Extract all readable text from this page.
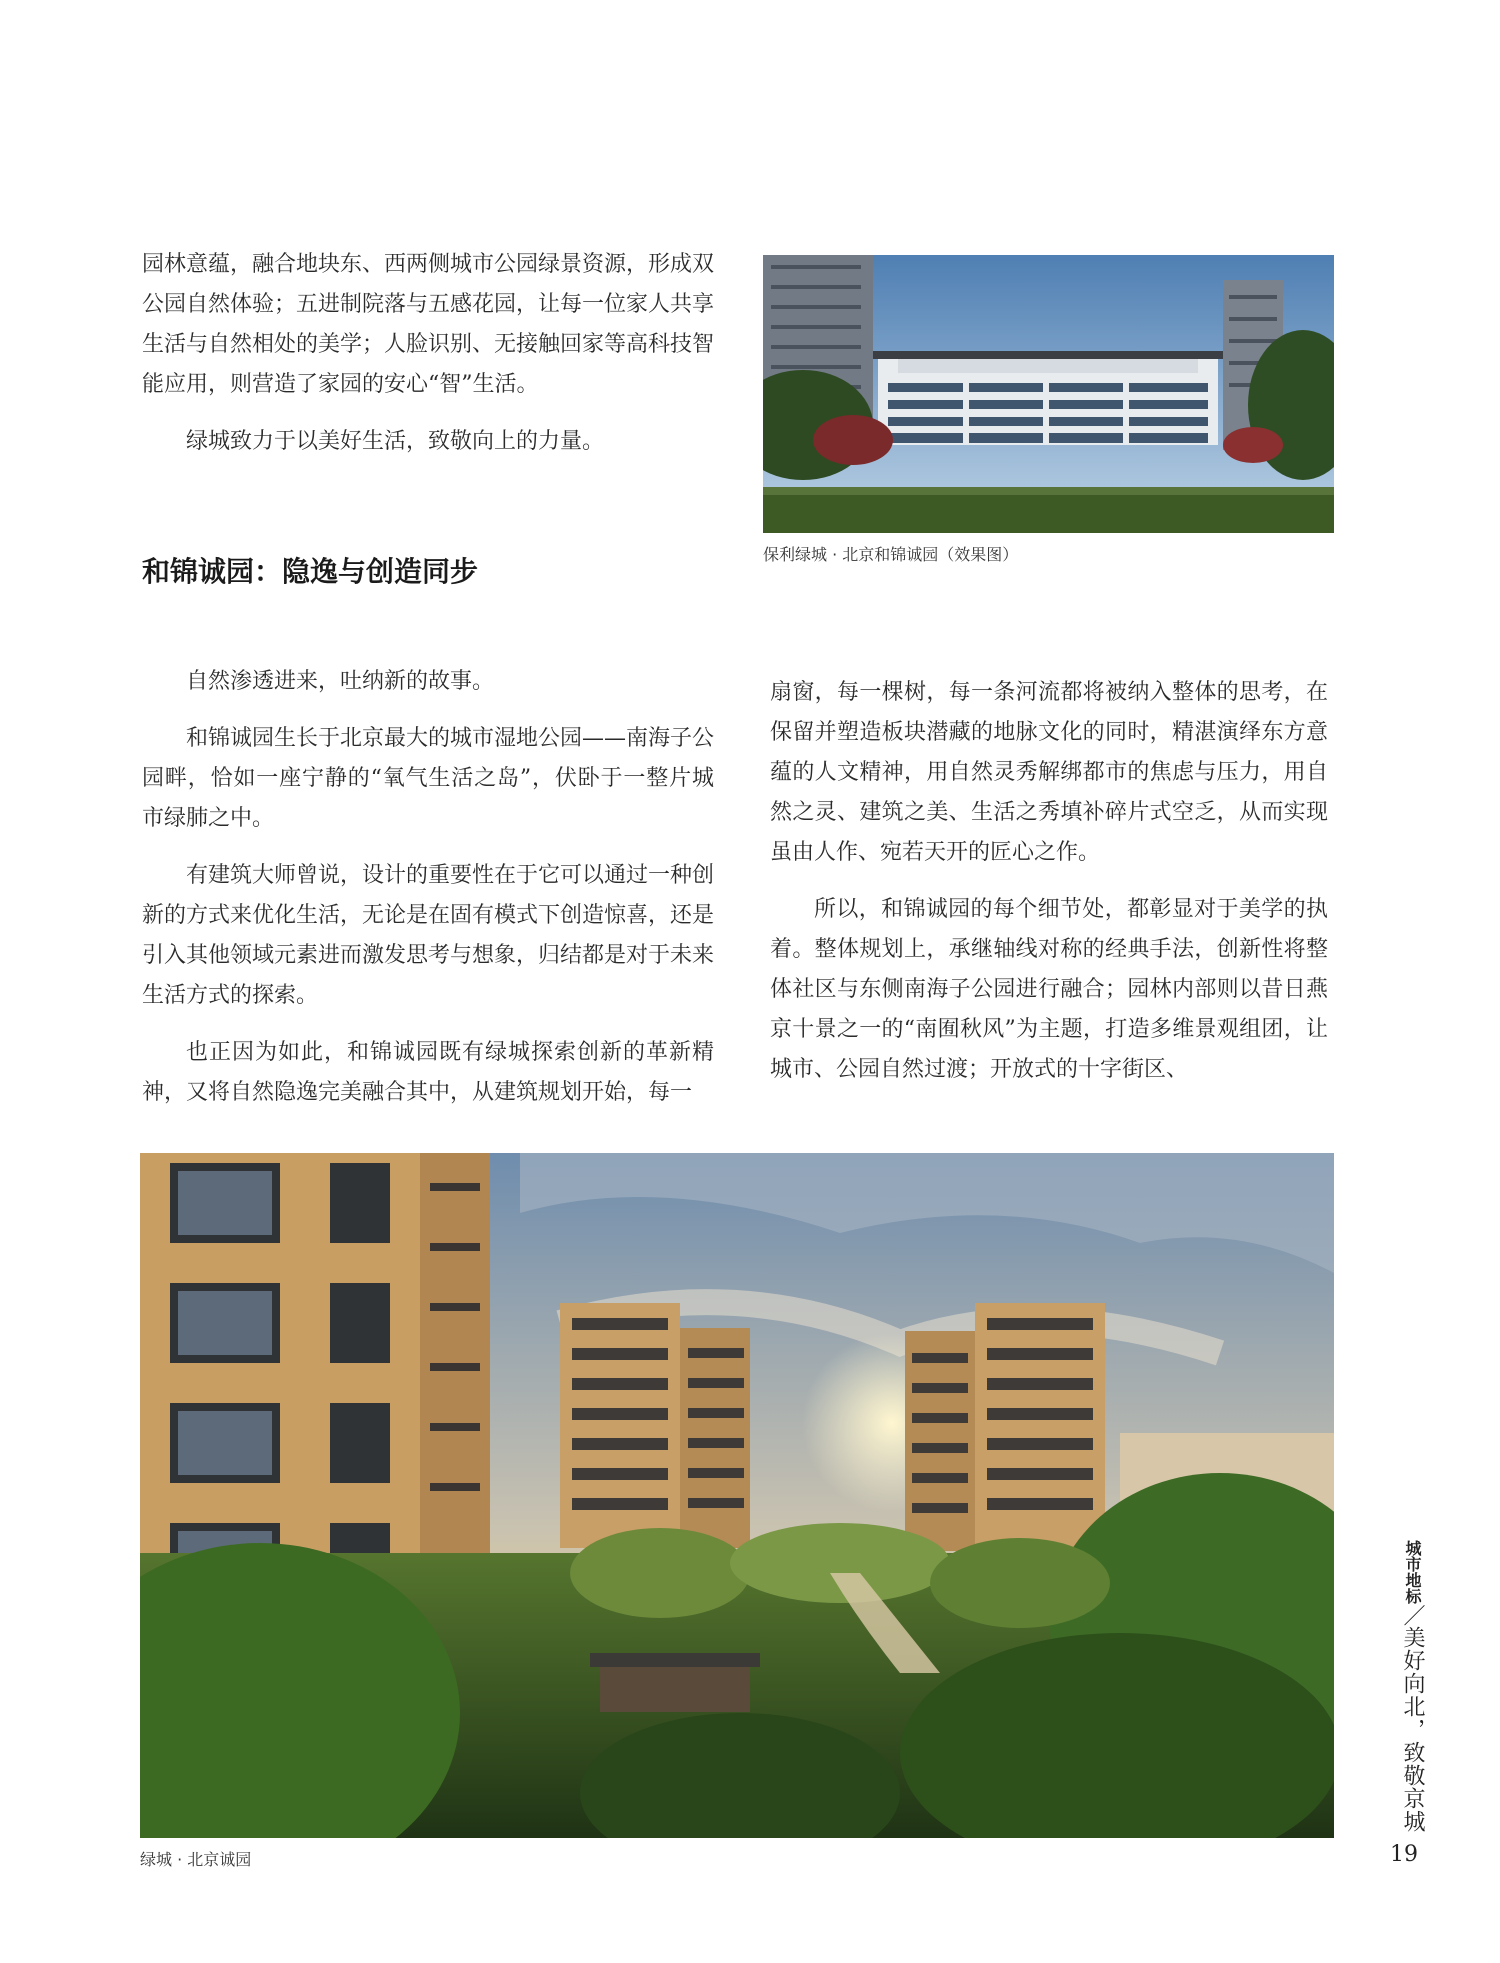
园林意蕴，融合地块东、西两侧城市公园绿景资源，形成双公园自然体验；五进制院落与五感花园，让每一位家人共享生活与自然相处的美学；人脸识别、无接触回家等高科技智能应用，则营造了家园的安心“智”生活。

绿城致力于以美好生活，致敬向上的力量。

保利绿城 · 北京和锦诚园（效果图）
和锦诚园：隐逸与创造同步

自然渗透进来，吐纳新的故事。

和锦诚园生长于北京最大的城市湿地公园——南海子公园畔，恰如一座宁静的“氧气生活之岛”，伏卧于一整片城市绿肺之中。

有建筑大师曾说，设计的重要性在于它可以通过一种创新的方式来优化生活，无论是在固有模式下创造惊喜，还是引入其他领域元素进而激发思考与想象，归结都是对于未来生活方式的探索。

也正因为如此，和锦诚园既有绿城探索创新的革新精神，又将自然隐逸完美融合其中，从建筑规划开始，每一

扇窗，每一棵树，每一条河流都将被纳入整体的思考，在保留并塑造板块潜藏的地脉文化的同时，精湛演绎东方意蕴的人文精神，用自然灵秀解绑都市的焦虑与压力，用自然之灵、建筑之美、生活之秀填补碎片式空乏，从而实现虽由人作、宛若天开的匠心之作。

所以，和锦诚园的每个细节处，都彰显对于美学的执着。整体规划上，承继轴线对称的经典手法，创新性将整体社区与东侧南海子公园进行融合；园林内部则以昔日燕京十景之一的“南囿秋风”为主题，打造多维景观组团，让城市、公园自然过渡；开放式的十字街区、

绿城 · 北京诚园
城市地标／美好向北，致敬京城
19
